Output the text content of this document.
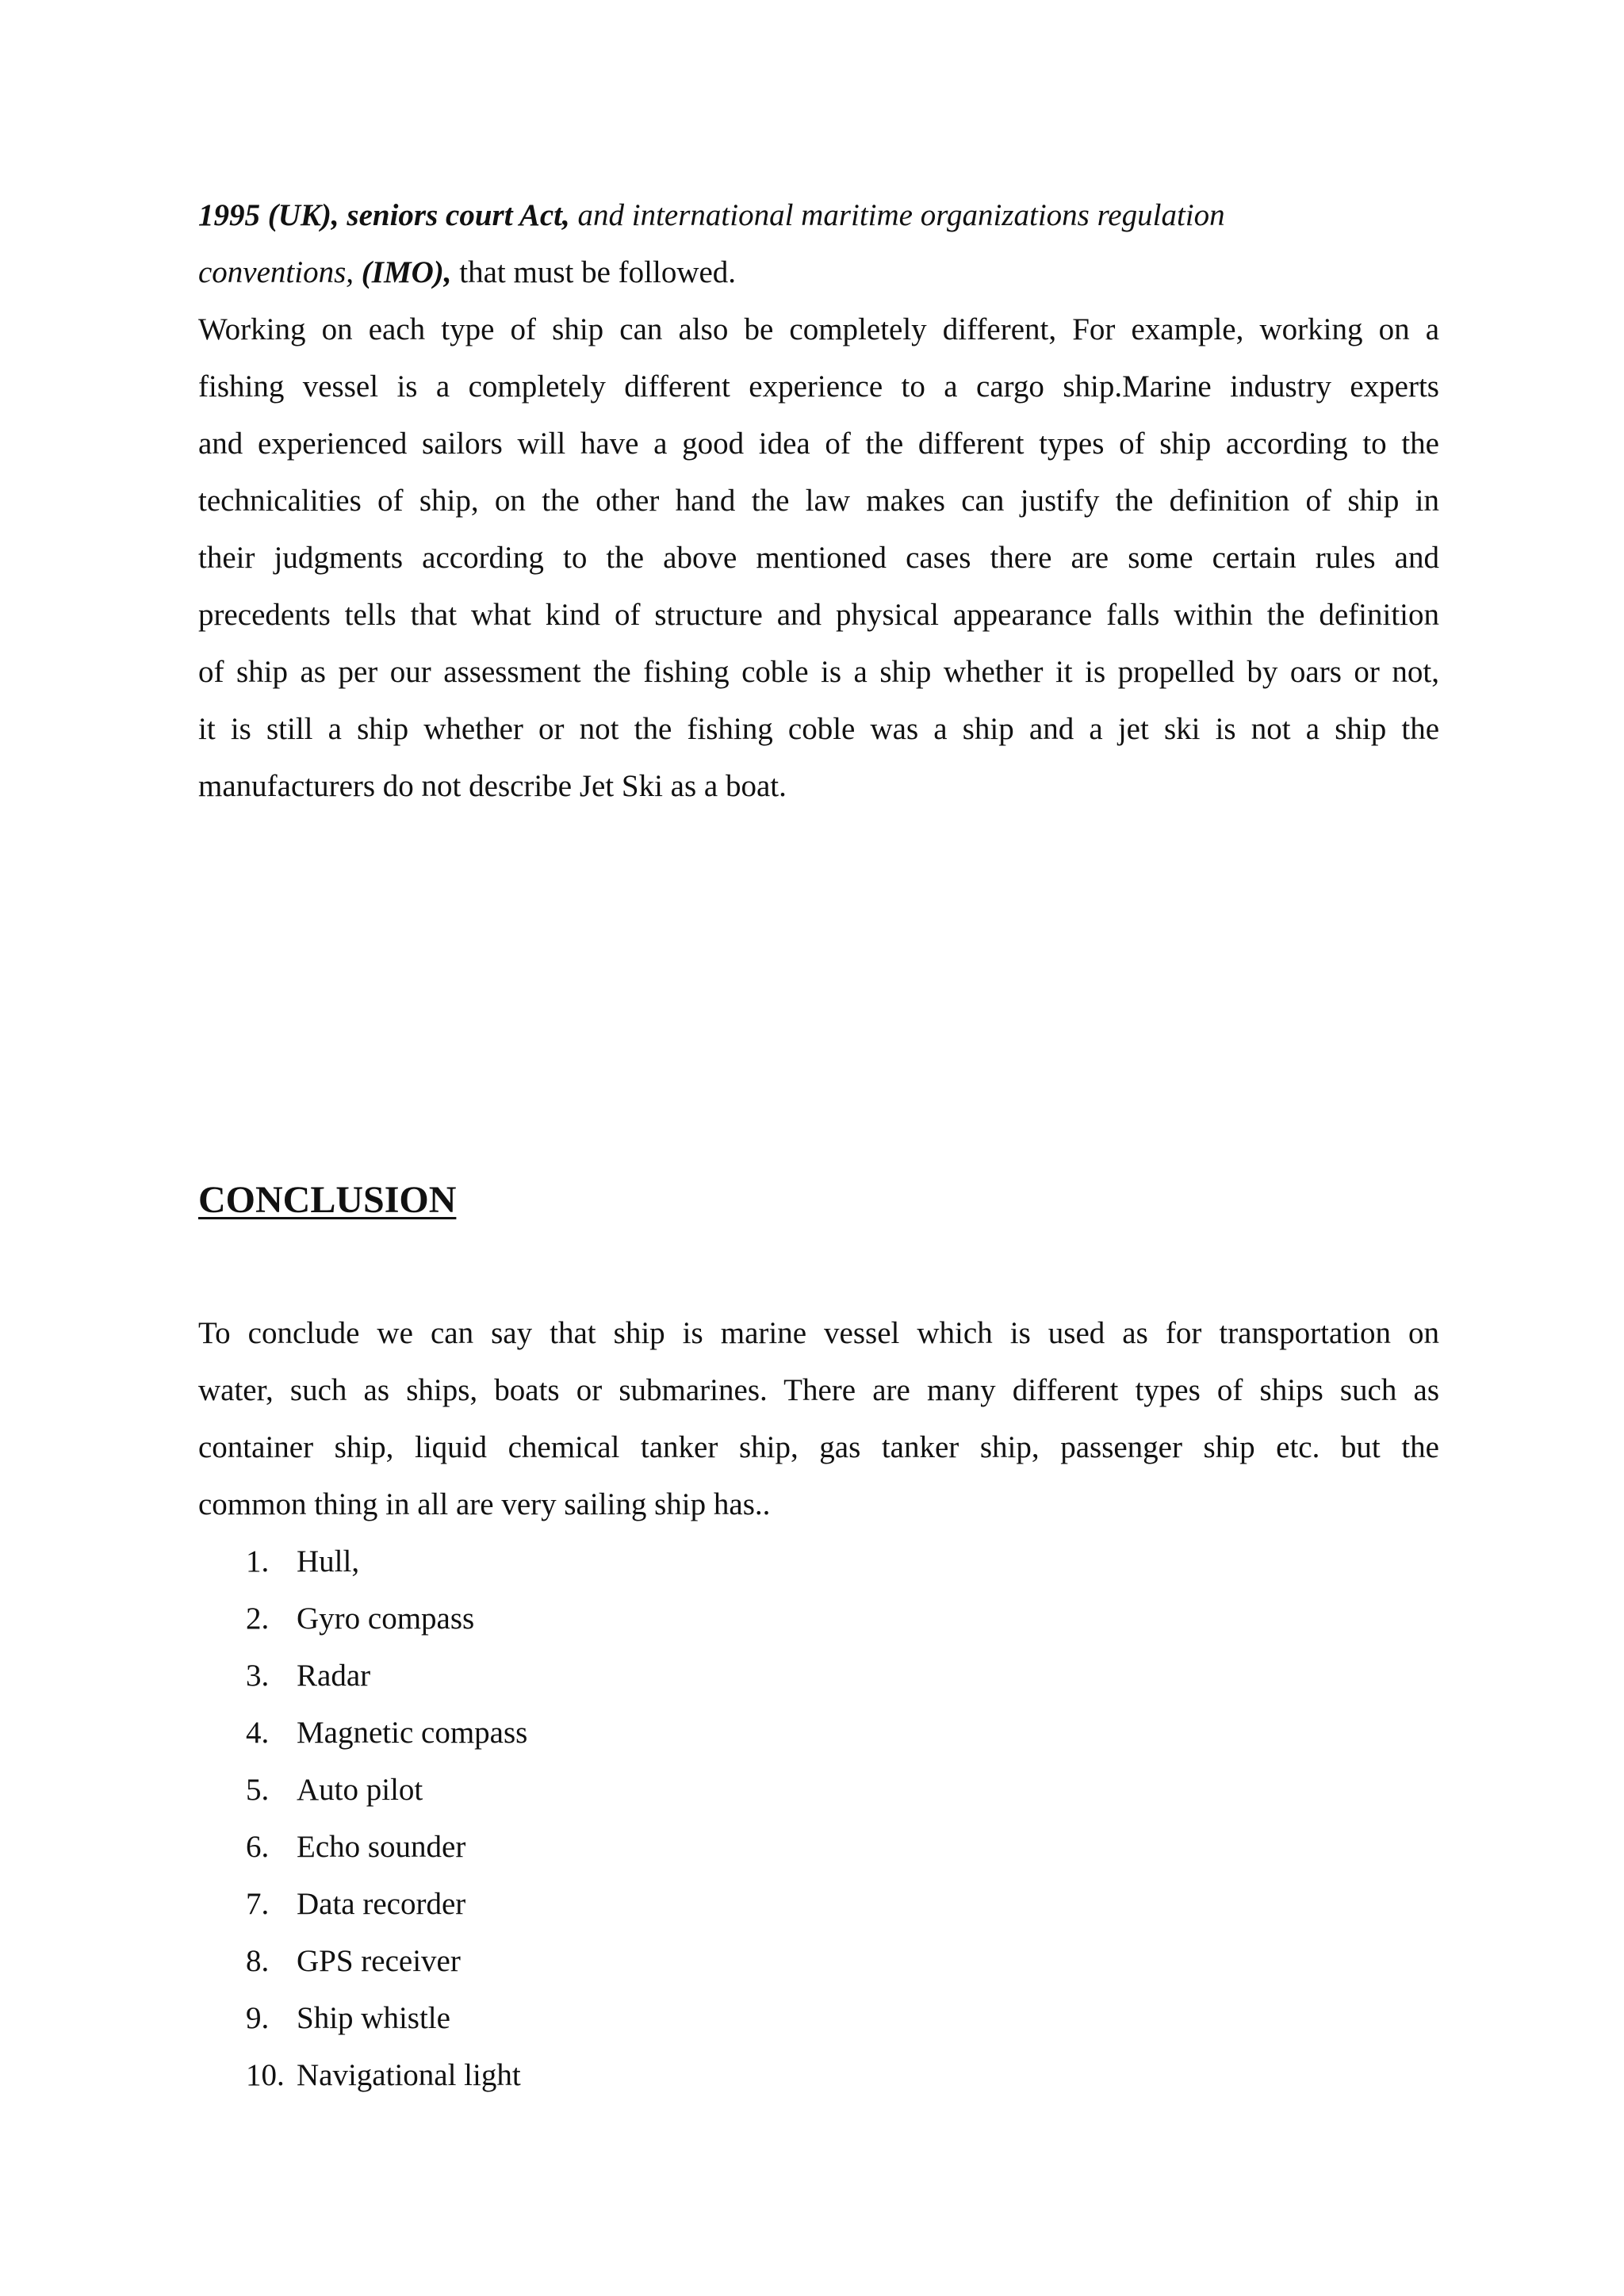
1995 (UK), seniors court Act, and international maritime organizations regulation
conventions, (IMO), that must be followed.
Working on each type of ship can also be completely different, For example, working on a
fishing vessel is a completely different experience to a cargo ship.Marine industry experts
and experienced sailors will have a good idea of the different types of ship according to the
technicalities of ship, on the other hand the law makes can justify the definition of ship in
their judgments according to the above mentioned cases there are some certain rules and
precedents tells that what kind of structure and physical appearance falls within the definition
of ship as per our assessment the fishing coble is a ship whether it is propelled by oars or not,
it is still a ship whether or not the fishing coble was a ship and a jet ski is not a ship the
manufacturers do not describe Jet Ski as a boat.
CONCLUSION
To conclude we can say that ship is marine vessel which is used as for transportation on
water, such as ships, boats or submarines. There are many different types of ships such as
container ship, liquid chemical tanker ship, gas tanker ship, passenger ship etc. but the
common thing in all are very sailing ship has..
1. Hull,
2. Gyro compass
3. Radar
4. Magnetic compass
5. Auto pilot
6. Echo sounder
7. Data recorder
8. GPS receiver
9. Ship whistle
10. Navigational light
